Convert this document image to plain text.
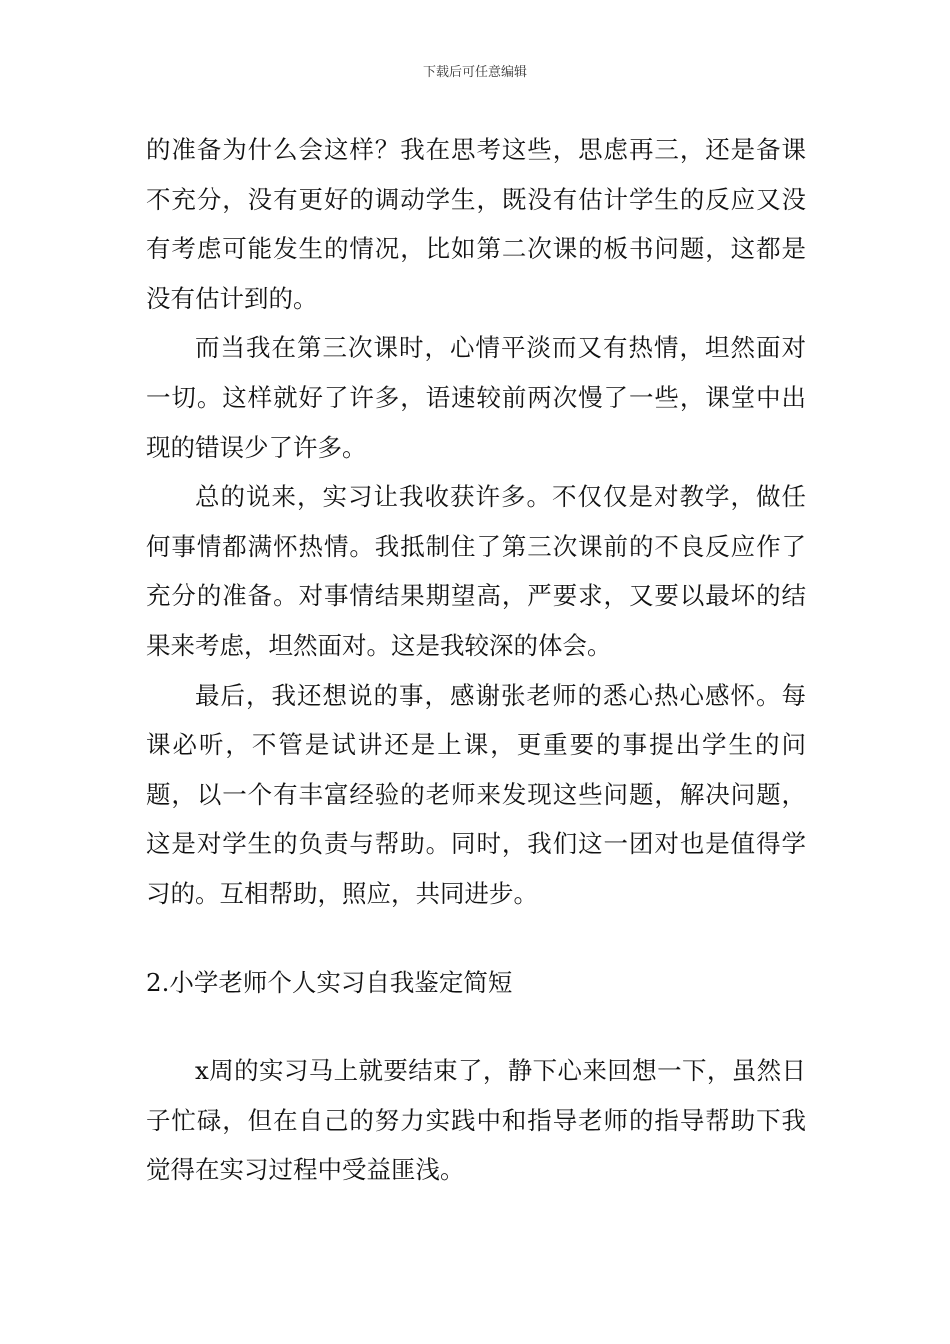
下载后可任意编辑

的准备为什么会这样？我在思考这些，思虑再三，还是备课不充分，没有更好的调动学生，既没有估计学生的反应又没有考虑可能发生的情况，比如第二次课的板书问题，这都是没有估计到的。

而当我在第三次课时，心情平淡而又有热情，坦然面对一切。这样就好了许多，语速较前两次慢了一些，课堂中出现的错误少了许多。

总的说来，实习让我收获许多。不仅仅是对教学，做任何事情都满怀热情。我抵制住了第三次课前的不良反应作了充分的准备。对事情结果期望高，严要求，又要以最坏的结果来考虑，坦然面对。这是我较深的体会。

最后，我还想说的事，感谢张老师的悉心热心感怀。每课必听，不管是试讲还是上课，更重要的事提出学生的问题，以一个有丰富经验的老师来发现这些问题，解决问题，这是对学生的负责与帮助。同时，我们这一团对也是值得学习的。互相帮助，照应，共同进步。

2.小学老师个人实习自我鉴定简短

x周的实习马上就要结束了，静下心来回想一下，虽然日子忙碌，但在自己的努力实践中和指导老师的指导帮助下我觉得在实习过程中受益匪浅。
